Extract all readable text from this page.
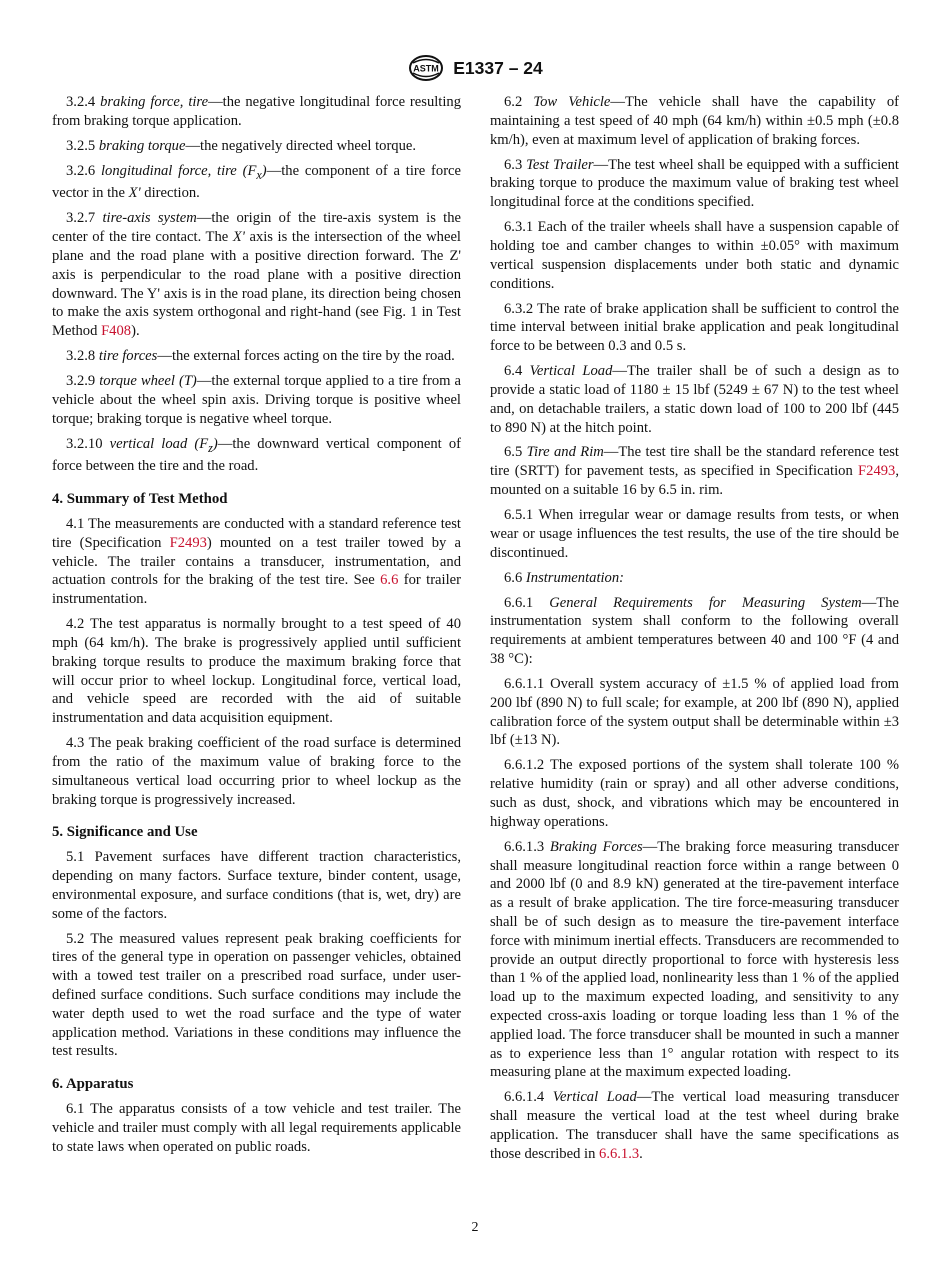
ASTM E1337 – 24

3.2.4 braking force, tire—the negative longitudinal force resulting from braking torque application.

3.2.5 braking torque—the negatively directed wheel torque.

3.2.6 longitudinal force, tire $(F_x)—the$ component of a tire force vector in the X' direction.

3.2.7 tire-axis system—the origin of the tire-axis system is the center of the tire contact. The X' axis is the intersection of the wheel plane and the road plane with a positive direction forward. The Z' axis is perpendicular to the road plane with a positive direction downward. The Y' axis is in the road plane, its direction being chosen to make the axis system orthogonal and right-hand (see Fig. 1 in Test Method F408).

3.2.8 tire forces—the external forces acting on the tire by the road.

3.2.9 torque wheel (T)—the external torque applied to a tire from a vehicle about the wheel spin axis. Driving torque is positive wheel torque; braking torque is negative wheel torque.

3.2.10 vertical load $(F_z)—the$ downward vertical component of force between the tire and the road.

4. Summary of Test Method

4.1 The measurements are conducted with a standard reference test tire (Specification F2493) mounted on a test trailer towed by a vehicle. The trailer contains a transducer, instrumentation, and actuation controls for the braking of the test tire. See 6.6 for trailer instrumentation.

4.2 The test apparatus is normally brought to a test speed of 40 mph (64 km/h). The brake is progressively applied until sufficient braking torque results to produce the maximum braking force that will occur prior to wheel lockup. Longitudinal force, vertical load, and vehicle speed are recorded with the aid of suitable instrumentation and data acquisition equipment.

4.3 The peak braking coefficient of the road surface is determined from the ratio of the maximum value of braking force to the simultaneous vertical load occurring prior to wheel lockup as the braking torque is progressively increased.

5. Significance and Use

5.1 Pavement surfaces have different traction characteristics, depending on many factors. Surface texture, binder content, usage, environmental exposure, and surface conditions (that is, wet, dry) are some of the factors.

5.2 The measured values represent peak braking coefficients for tires of the general type in operation on passenger vehicles, obtained with a towed test trailer on a prescribed road surface, under user-defined surface conditions. Such surface conditions may include the water depth used to wet the road surface and the type of water application method. Variations in these conditions may influence the test results.

6. Apparatus

6.1 The apparatus consists of a tow vehicle and test trailer. The vehicle and trailer must comply with all legal requirements applicable to state laws when operated on public roads.

6.2 Tow Vehicle—The vehicle shall have the capability of maintaining a test speed of 40 mph (64 km/h) within ±0.5 mph (±0.8 km/h), even at maximum level of application of braking forces.

6.3 Test Trailer—The test wheel shall be equipped with a sufficient braking torque to produce the maximum value of braking test wheel longitudinal force at the conditions specified.

6.3.1 Each of the trailer wheels shall have a suspension capable of holding toe and camber changes to within ±0.05° with maximum vertical suspension displacements under both static and dynamic conditions.

6.3.2 The rate of brake application shall be sufficient to control the time interval between initial brake application and peak longitudinal force to be between 0.3 and 0.5 s.

6.4 Vertical Load—The trailer shall be of such a design as to provide a static load of 1180 ± 15 lbf (5249 ± 67 N) to the test wheel and, on detachable trailers, a static down load of 100 to 200 lbf (445 to 890 N) at the hitch point.

6.5 Tire and Rim—The test tire shall be the standard reference test tire (SRTT) for pavement tests, as specified in Specification F2493, mounted on a suitable 16 by 6.5 in. rim.

6.5.1 When irregular wear or damage results from tests, or when wear or usage influences the test results, the use of the tire should be discontinued.

6.6 Instrumentation:

6.6.1 General Requirements for Measuring System—The instrumentation system shall conform to the following overall requirements at ambient temperatures between 40 and 100 °F (4 and 38 °C):

6.6.1.1 Overall system accuracy of ±1.5 % of applied load from 200 lbf (890 N) to full scale; for example, at 200 lbf (890 N), applied calibration force of the system output shall be determinable within ±3 lbf (±13 N).

6.6.1.2 The exposed portions of the system shall tolerate 100 % relative humidity (rain or spray) and all other adverse conditions, such as dust, shock, and vibrations which may be encountered in highway operations.

6.6.1.3 Braking Forces—The braking force measuring transducer shall measure longitudinal reaction force within a range between 0 and 2000 lbf (0 and 8.9 kN) generated at the tire-pavement interface as a result of brake application. The tire force-measuring transducer shall be of such design as to measure the tire-pavement interface force with minimum inertial effects. Transducers are recommended to provide an output directly proportional to force with hysteresis less than 1 % of the applied load, nonlinearity less than 1 % of the applied load up to the maximum expected loading, and sensitivity to any expected cross-axis loading or torque loading less than 1 % of the applied load. The force transducer shall be mounted in such a manner as to experience less than 1° angular rotation with respect to its measuring plane at the maximum expected loading.

6.6.1.4 Vertical Load—The vertical load measuring transducer shall measure the vertical load at the test wheel during brake application. The transducer shall have the same specifications as those described in 6.6.1.3.

2
